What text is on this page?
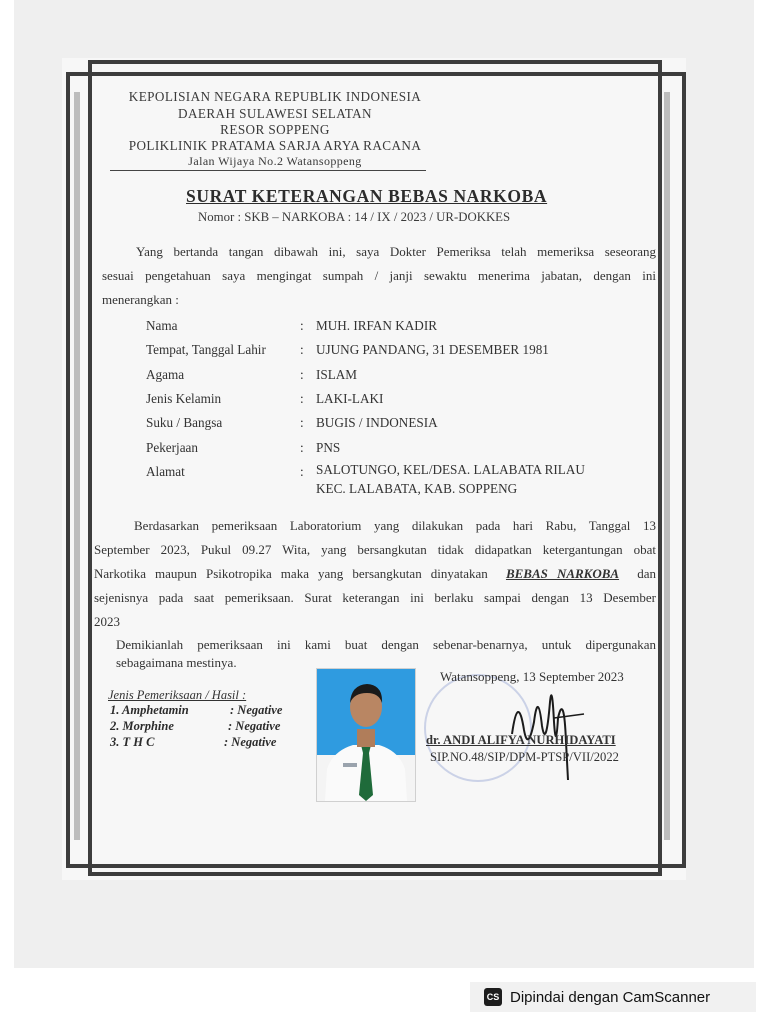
KEPOLISIAN NEGARA REPUBLIK INDONESIA
DAERAH SULAWESI SELATAN
RESOR SOPPENG
POLIKLINIK PRATAMA SARJA ARYA RACANA
Jalan Wijaya No.2 Watansoppeng
SURAT KETERANGAN BEBAS NARKOBA
Nomor : SKB – NARKOBA : 14 / IX / 2023 / UR-DOKKES
Yang bertanda tangan dibawah ini, saya Dokter Pemeriksa telah memeriksa seseorang
sesuai pengetahuan saya mengingat sumpah / janji sewaktu menerima jabatan, dengan ini
menerangkan :
Nama	: MUH. IRFAN KADIR
Tempat, Tanggal Lahir	: UJUNG PANDANG, 31 DESEMBER 1981
Agama	: ISLAM
Jenis Kelamin	: LAKI-LAKI
Suku / Bangsa	: BUGIS / INDONESIA
Pekerjaan	: PNS
Alamat	: SALOTUNGO, KEL/DESA. LALABATA RILAU
KEC. LALABATA, KAB. SOPPENG
Berdasarkan pemeriksaan Laboratorium yang dilakukan pada hari Rabu, Tanggal 13
September 2023, Pukul 09.27 Wita, yang bersangkutan tidak didapatkan ketergantungan obat
Narkotika maupun Psikotropika maka yang bersangkutan dinyatakan BEBAS NARKOBA dan
sejenisnya pada saat pemeriksaan. Surat keterangan ini berlaku sampai dengan 13 Desember
2023
Demikianlah pemeriksaan ini kami buat dengan sebenar-benarnya, untuk dipergunakan
sebagaimana mestinya.
Jenis Pemeriksaan / Hasil :
1. Amphetamin	: Negative
2. Morphine	: Negative
3. T H C	: Negative
Watansoppeng, 13 September 2023
dr. ANDI ALIFYA NURHIDAYATI
SIP.NO.48/SIP/DPM-PTSP/VII/2022
CS Dipindai dengan CamScanner
